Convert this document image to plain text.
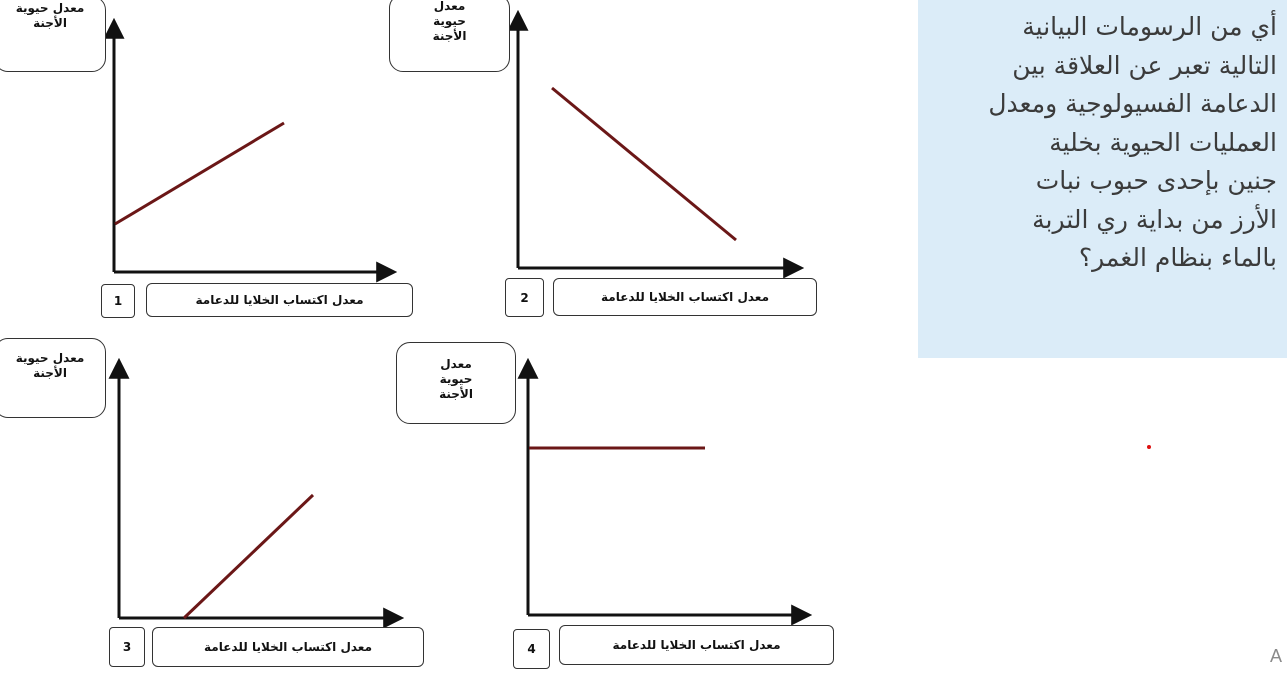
معدل حيوية الأجنة
1	معدل اكتساب الخلايا للدعامة
معدل حيوية الأجنة
2	معدل اكتساب الخلايا للدعامة
معدل حيوية الأجنة
3	معدل اكتساب الخلايا للدعامة
معدل حيوية الأجنة
4	معدل اكتساب الخلايا للدعامة
أي من الرسومات البيانية
التالية تعبر عن العلاقة بين
الدعامة الفسيولوجية ومعدل
العمليات الحيوية بخلية
جنين بإحدى حبوب نبات
الأرز من بداية ري التربة
بالماء بنظام الغمر؟
A
